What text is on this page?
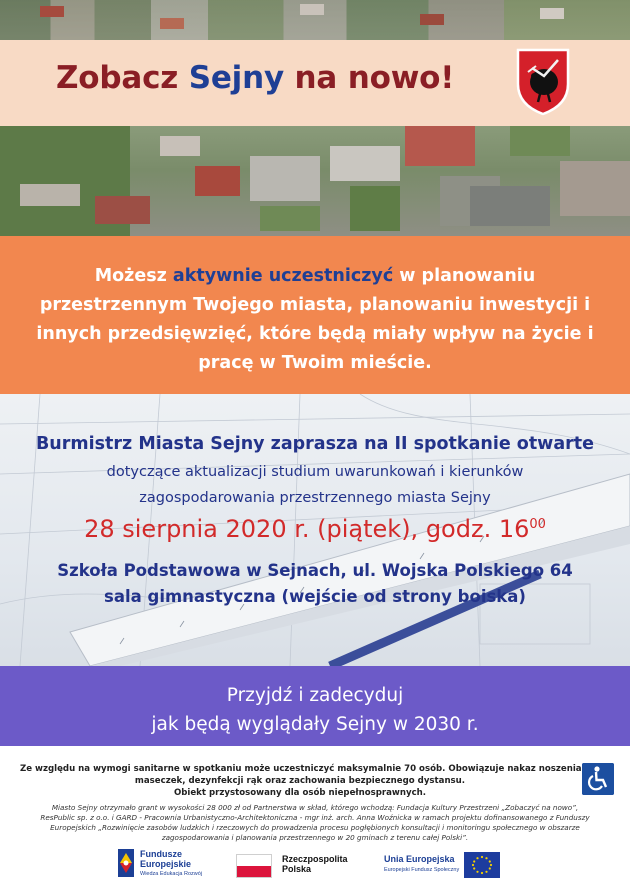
Zobacz Sejny na nowo!
Możesz aktywnie uczestniczyć w planowaniu przestrzennym Twojego miasta, planowaniu inwestycji i innych przedsięwzięć, które będą miały wpływ na życie i pracę w Twoim mieście.
Burmistrz Miasta Sejny zaprasza na II spotkanie otwarte
dotyczące aktualizacji studium uwarunkowań i kierunków
zagospodarowania przestrzennego miasta Sejny
28 sierpnia 2020 r. (piątek), godz. $16^{00}$
Szkoła Podstawowa w Sejnach, ul. Wojska Polskiego 64
sala gimnastyczna (wejście od strony boiska)
Przyjdź i zadecyduj
jak będą wyglądały Sejny w 2030 r.
Ze względu na wymogi sanitarne w spotkaniu może uczestniczyć maksymalnie 70 osób. Obowiązuje nakaz noszenia
maseczek, dezynfekcji rąk oraz zachowania bezpiecznego dystansu.
Obiekt przystosowany dla osób niepełnosprawnych.
Miasto Sejny otrzymało grant w wysokości 28 000 zł od Partnerstwa w skład, którego wchodzą: Fundacja Kultury Przestrzeni „Zobaczyć na nowo”,
ResPublic sp. z o.o. i GARD - Pracownia Urbanistyczno-Architektoniczna - mgr inż. arch. Anna Woźnicka w ramach projektu dofinansowanego z Funduszy
Europejskich „Rozwinięcie zasobów ludzkich i rzeczowych do prowadzenia procesu pogłębionych konsultacji i monitoringu społecznego w obszarze
zagospodarowania i planowania przestrzennego w 20 gminach z terenu całej Polski”.
Fundusze
Europejskie
Wiedza Edukacja Rozwój
Rzeczpospolita
Polska
Unia Europejska
Europejski Fundusz Społeczny
